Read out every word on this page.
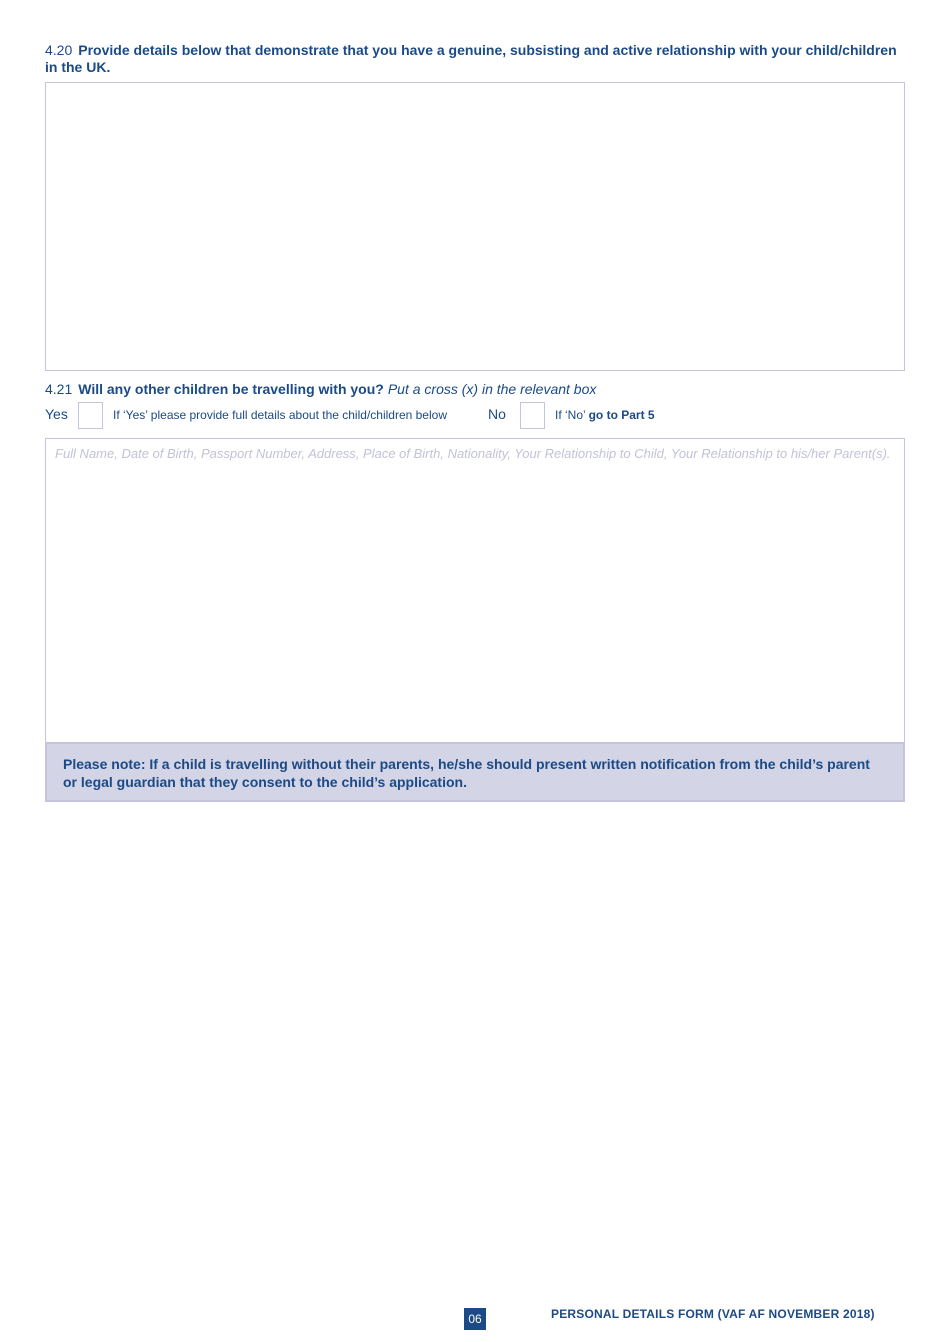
4.20 Provide details below that demonstrate that you have a genuine, subsisting and active relationship with your child/children in the UK.
4.21 Will any other children be travelling with you? Put a cross (x) in the relevant box
Yes	If ‘Yes’ please provide full details about the child/children below	No	If ‘No’ go to Part 5
Full Name, Date of Birth, Passport Number, Address, Place of Birth, Nationality, Your Relationship to Child, Your Relationship to his/her Parent(s).
Please note: If a child is travelling without their parents, he/she should present written notification from the child’s parent or legal guardian that they consent to the child’s application.
06	PERSONAL DETAILS FORM (VAF AF NOVEMBER 2018)
